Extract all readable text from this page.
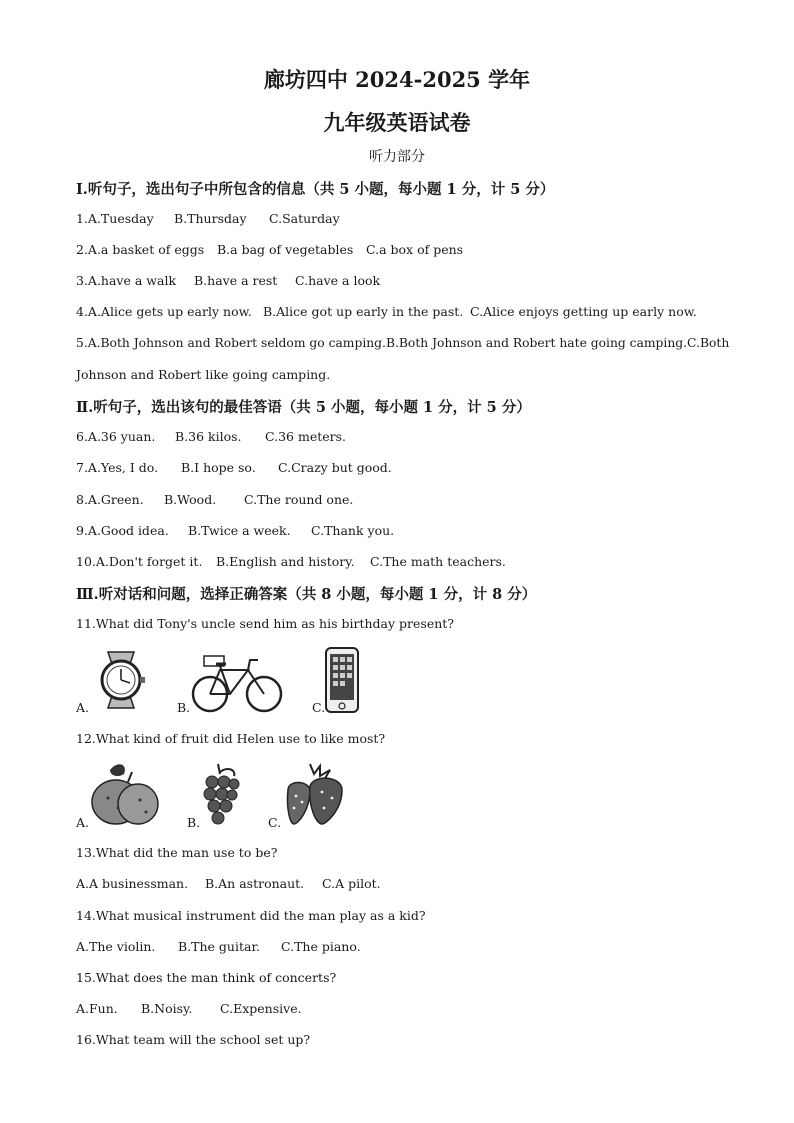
廊坊四中 2024-2025 学年
九年级英语试卷
听力部分
Ⅰ.听句子，选出句子中所包含的信息（共 5 小题，每小题 1 分，计 5 分）
1.A.Tuesday B.Thursday C.Saturday
2.A.a basket of eggs B.a bag of vegetables C.a box of pens
3.A.have a walk B.have a rest C.have a look
4.A.Alice gets up early now. B.Alice got up early in the past. C.Alice enjoys getting up early now.
5.A.Both Johnson and Robert seldom go camping.B.Both Johnson and Robert hate going camping.C.Both
Johnson and Robert like going camping.
Ⅱ.听句子，选出该句的最佳答语（共 5 小题，每小题 1 分，计 5 分）
6.A.36 yuan. B.36 kilos. C.36 meters.
7.A.Yes, I do. B.I hope so. C.Crazy but good.
8.A.Green. B.Wood. C.The round one.
9.A.Good idea. B.Twice a week. C.Thank you.
10.A.Don't forget it. B.English and history. C.The math teachers.
Ⅲ.听对话和问题，选择正确答案（共 8 小题，每小题 1 分，计 8 分）
11.What did Tony's uncle send him as his birthday present?
A.	B.	C.
12.What kind of fruit did Helen use to like most?
A.	B.	C.
13.What did the man use to be?
A.A businessman. B.An astronaut. C.A pilot.
14.What musical instrument did the man play as a kid?
A.The violin. B.The guitar. C.The piano.
15.What does the man think of concerts?
A.Fun. B.Noisy. C.Expensive.
16.What team will the school set up?
